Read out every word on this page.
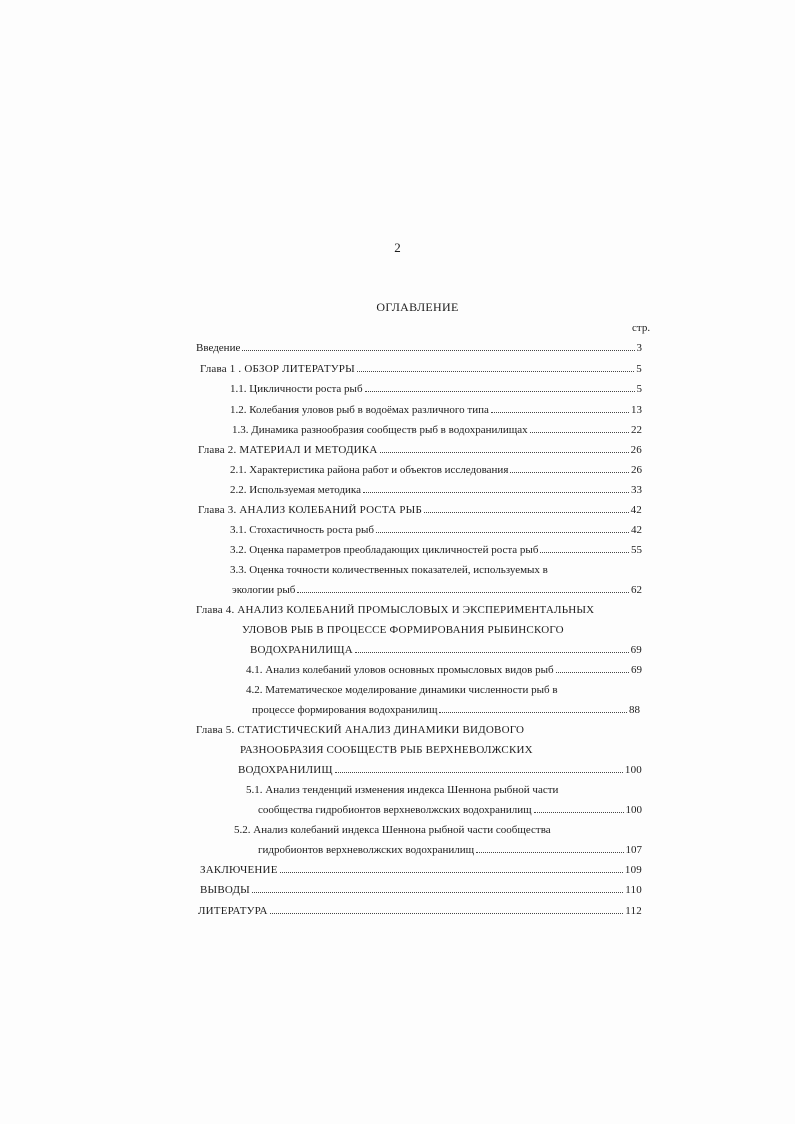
2
ОГЛАВЛЕНИЕ
стр.
Введение	3
Глава 1 . ОБЗОР ЛИТЕРАТУРЫ	5
1.1. Цикличности роста рыб	5
1.2. Колебания уловов рыб в водоёмах различного типа	13
1.3. Динамика разнообразия сообществ рыб в водохранилищах	22
Глава 2. МАТЕРИАЛ И МЕТОДИКА	26
2.1. Характеристика района работ и объектов исследования	26
2.2. Используемая методика	33
Глава 3. АНАЛИЗ КОЛЕБАНИЙ РОСТА РЫБ	42
3.1. Стохастичность роста рыб	42
3.2. Оценка параметров преобладающих цикличностей роста рыб	55
3.3. Оценка точности количественных показателей, используемых в
экологии рыб	62
Глава 4. АНАЛИЗ КОЛЕБАНИЙ ПРОМЫСЛОВЫХ И ЭКСПЕРИМЕНТАЛЬНЫХ
УЛОВОВ РЫБ В ПРОЦЕССЕ ФОРМИРОВАНИЯ РЫБИНСКОГО
ВОДОХРАНИЛИЩА	69
4.1. Анализ колебаний уловов основных промысловых видов рыб	69
4.2. Математическое моделирование динамики численности рыб в
процессе формирования водохранилищ	88
Глава 5. СТАТИСТИЧЕСКИЙ АНАЛИЗ ДИНАМИКИ ВИДОВОГО
РАЗНООБРАЗИЯ СООБЩЕСТВ РЫБ ВЕРХНЕВОЛЖСКИХ
ВОДОХРАНИЛИЩ	100
5.1. Анализ тенденций изменения индекса Шеннона рыбной части
сообщества гидробионтов верхневолжских водохранилищ	100
5.2. Анализ колебаний индекса Шеннона рыбной части сообщества
гидробионтов верхневолжских водохранилищ	107
ЗАКЛЮЧЕНИЕ	109
ВЫВОДЫ	110
ЛИТЕРАТУРА	112
